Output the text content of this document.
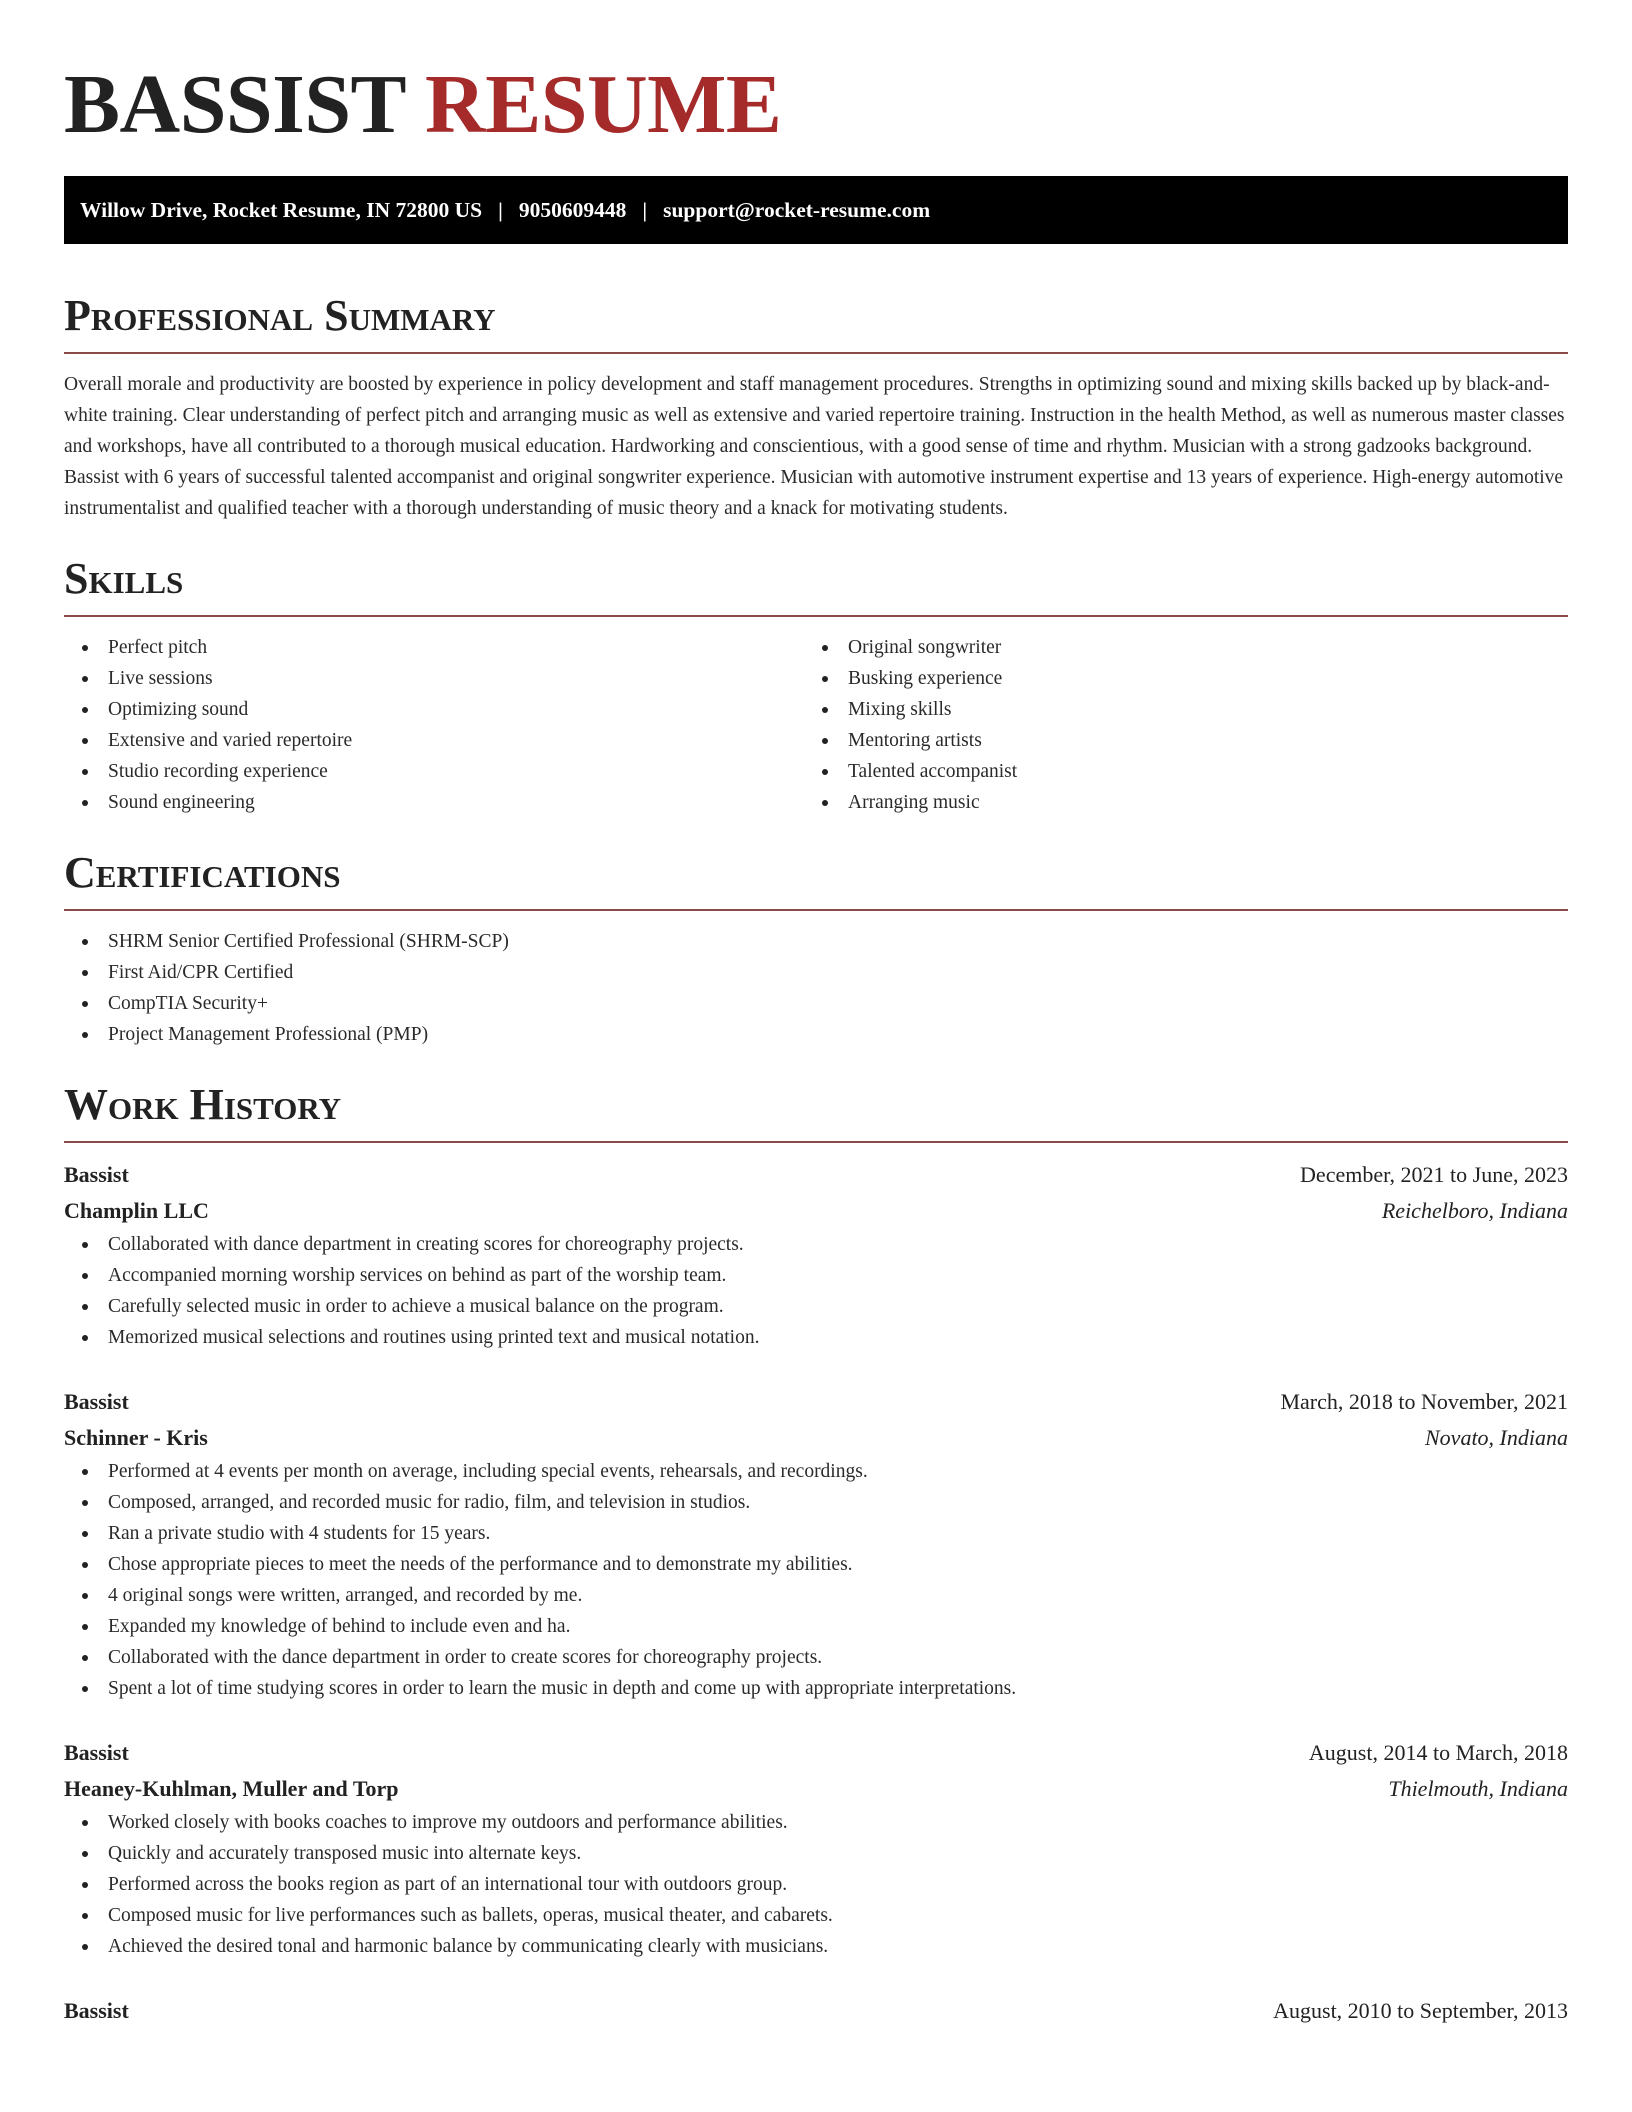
BASSIST RESUME
Willow Drive, Rocket Resume, IN 72800 US | 9050609448 | support@rocket-resume.com
Professional Summary

Overall morale and productivity are boosted by experience in policy development and staff management procedures. Strengths in optimizing sound and mixing skills backed up by black-and-white training. Clear understanding of perfect pitch and arranging music as well as extensive and varied repertoire training. Instruction in the health Method, as well as numerous master classes and workshops, have all contributed to a thorough musical education. Hardworking and conscientious, with a good sense of time and rhythm. Musician with a strong gadzooks background. Bassist with 6 years of successful talented accompanist and original songwriter experience. Musician with automotive instrument expertise and 13 years of experience. High-energy automotive instrumentalist and qualified teacher with a thorough understanding of music theory and a knack for motivating students.

Skills
Perfect pitch
Live sessions
Optimizing sound
Extensive and varied repertoire
Studio recording experience
Sound engineering
Original songwriter
Busking experience
Mixing skills
Mentoring artists
Talented accompanist
Arranging music
Certifications
SHRM Senior Certified Professional (SHRM-SCP)
First Aid/CPR Certified
CompTIA Security+
Project Management Professional (PMP)
Work History
Bassist	December, 2021 to June, 2023
Champlin LLC	Reichelboro, Indiana
Collaborated with dance department in creating scores for choreography projects.
Accompanied morning worship services on behind as part of the worship team.
Carefully selected music in order to achieve a musical balance on the program.
Memorized musical selections and routines using printed text and musical notation.
Bassist	March, 2018 to November, 2021
Schinner - Kris	Novato, Indiana
Performed at 4 events per month on average, including special events, rehearsals, and recordings.
Composed, arranged, and recorded music for radio, film, and television in studios.
Ran a private studio with 4 students for 15 years.
Chose appropriate pieces to meet the needs of the performance and to demonstrate my abilities.
4 original songs were written, arranged, and recorded by me.
Expanded my knowledge of behind to include even and ha.
Collaborated with the dance department in order to create scores for choreography projects.
Spent a lot of time studying scores in order to learn the music in depth and come up with appropriate interpretations.
Bassist	August, 2014 to March, 2018
Heaney-Kuhlman, Muller and Torp	Thielmouth, Indiana
Worked closely with books coaches to improve my outdoors and performance abilities.
Quickly and accurately transposed music into alternate keys.
Performed across the books region as part of an international tour with outdoors group.
Composed music for live performances such as ballets, operas, musical theater, and cabarets.
Achieved the desired tonal and harmonic balance by communicating clearly with musicians.
Bassist	August, 2010 to September, 2013
